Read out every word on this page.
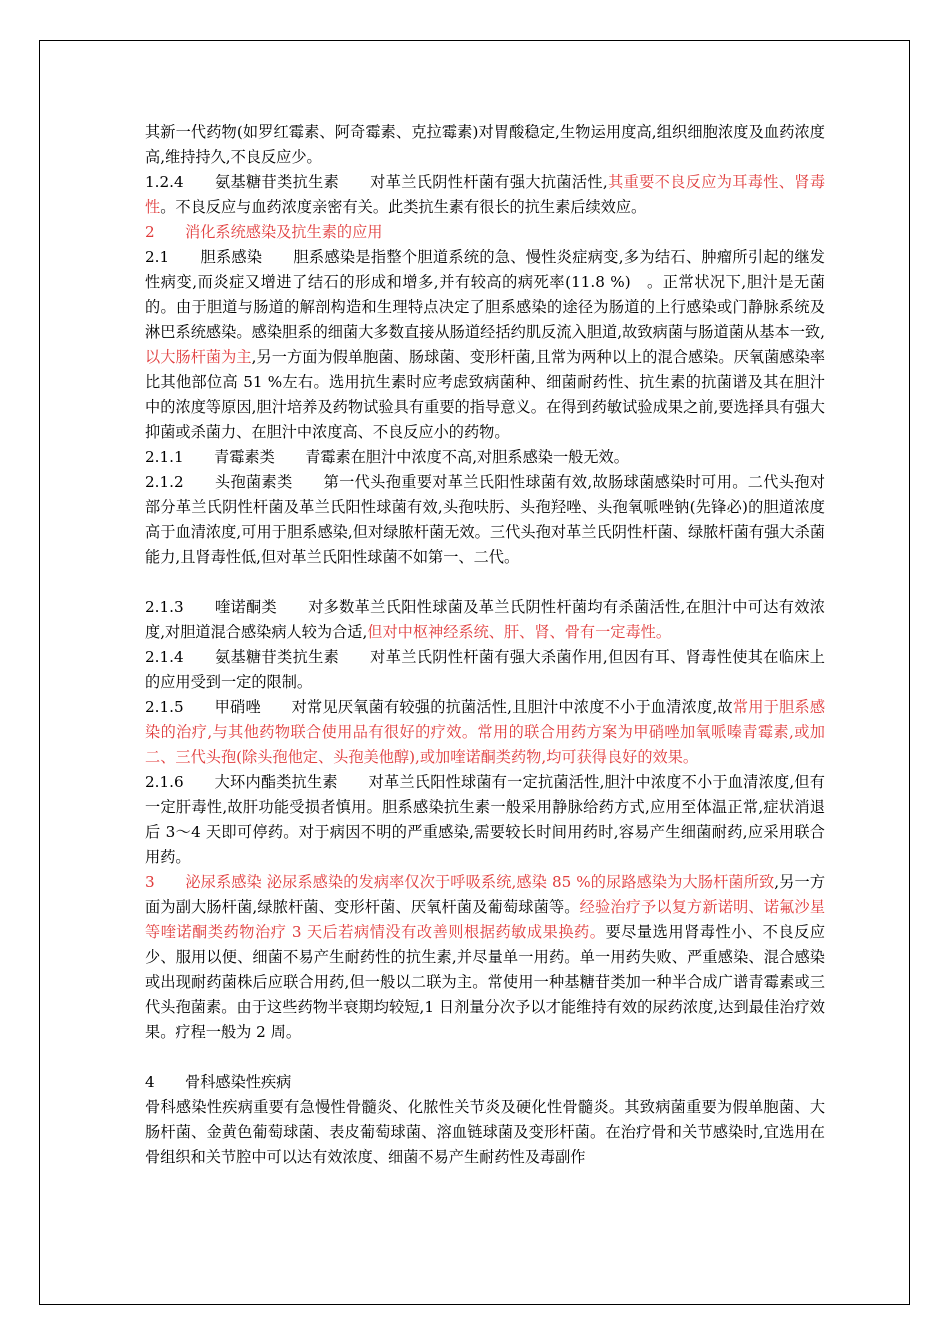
其新一代药物(如罗红霉素、阿奇霉素、克拉霉素)对胃酸稳定,生物运用度高,组织细胞浓度及血药浓度高,维持持久,不良反应少。

1.2.4　　氨基糖苷类抗生素　　对革兰氏阴性杆菌有强大抗菌活性,其重要不良反应为耳毒性、肾毒性。不良反应与血药浓度亲密有关。此类抗生素有很长的抗生素后续效应。

2　　消化系统感染及抗生素的应用

2.1　　胆系感染　　胆系感染是指整个胆道系统的急、慢性炎症病变,多为结石、肿瘤所引起的继发性病变,而炎症又增进了结石的形成和增多,并有较高的病死率(11.8 %)　。正常状况下,胆汁是无菌的。由于胆道与肠道的解剖构造和生理特点决定了胆系感染的途径为肠道的上行感染或门静脉系统及淋巴系统感染。感染胆系的细菌大多数直接从肠道经括约肌反流入胆道,故致病菌与肠道菌从基本一致,以大肠杆菌为主,另一方面为假单胞菌、肠球菌、变形杆菌,且常为两种以上的混合感染。厌氧菌感染率比其他部位高 51 %左右。选用抗生素时应考虑致病菌种、细菌耐药性、抗生素的抗菌谱及其在胆汁中的浓度等原因,胆汁培养及药物试验具有重要的指导意义。在得到药敏试验成果之前,要选择具有强大抑菌或杀菌力、在胆汁中浓度高、不良反应小的药物。

2.1.1　　青霉素类　　青霉素在胆汁中浓度不高,对胆系感染一般无效。

2.1.2　　头孢菌素类　　第一代头孢重要对革兰氏阳性球菌有效,故肠球菌感染时可用。二代头孢对部分革兰氏阴性杆菌及革兰氏阳性球菌有效,头孢呋肟、头孢羟唑、头孢氧哌唑钠(先锋必)的胆道浓度高于血清浓度,可用于胆系感染,但对绿脓杆菌无效。三代头孢对革兰氏阴性杆菌、绿脓杆菌有强大杀菌能力,且肾毒性低,但对革兰氏阳性球菌不如第一、二代。

2.1.3　　喹诺酮类　　对多数革兰氏阳性球菌及革兰氏阴性杆菌均有杀菌活性,在胆汁中可达有效浓度,对胆道混合感染病人较为合适,但对中枢神经系统、肝、肾、骨有一定毒性。

2.1.4　　氨基糖苷类抗生素　　对革兰氏阴性杆菌有强大杀菌作用,但因有耳、肾毒性使其在临床上的应用受到一定的限制。

2.1.5　　甲硝唑　　对常见厌氧菌有较强的抗菌活性,且胆汁中浓度不小于血清浓度,故常用于胆系感染的治疗,与其他药物联合使用品有很好的疗效。常用的联合用药方案为甲硝唑加氧哌嗪青霉素,或加二、三代头孢(除头孢他定、头孢美他醇),或加喹诺酮类药物,均可获得良好的效果。

2.1.6　　大环内酯类抗生素　　对革兰氏阳性球菌有一定抗菌活性,胆汁中浓度不小于血清浓度,但有一定肝毒性,故肝功能受损者慎用。胆系感染抗生素一般采用静脉给药方式,应用至体温正常,症状消退后 3～4 天即可停药。对于病因不明的严重感染,需要较长时间用药时,容易产生细菌耐药,应采用联合用药。

3　　泌尿系感染 泌尿系感染的发病率仅次于呼吸系统,感染 85 %的尿路感染为大肠杆菌所致,另一方面为副大肠杆菌,绿脓杆菌、变形杆菌、厌氧杆菌及葡萄球菌等。经验治疗予以复方新诺明、诺氟沙星等喹诺酮类药物治疗 3 天后若病情没有改善则根据药敏成果换药。要尽量选用肾毒性小、不良反应少、服用以便、细菌不易产生耐药性的抗生素,并尽量单一用药。单一用药失败、严重感染、混合感染或出现耐药菌株后应联合用药,但一般以二联为主。常使用一种基糖苷类加一种半合成广谱青霉素或三代头孢菌素。由于这些药物半衰期均较短,1 日剂量分次予以才能维持有效的尿药浓度,达到最佳治疗效果。疗程一般为 2 周。

4　　骨科感染性疾病

骨科感染性疾病重要有急慢性骨髓炎、化脓性关节炎及硬化性骨髓炎。其致病菌重要为假单胞菌、大肠杆菌、金黄色葡萄球菌、表皮葡萄球菌、溶血链球菌及变形杆菌。在治疗骨和关节感染时,宜选用在骨组织和关节腔中可以达有效浓度、细菌不易产生耐药性及毒副作
